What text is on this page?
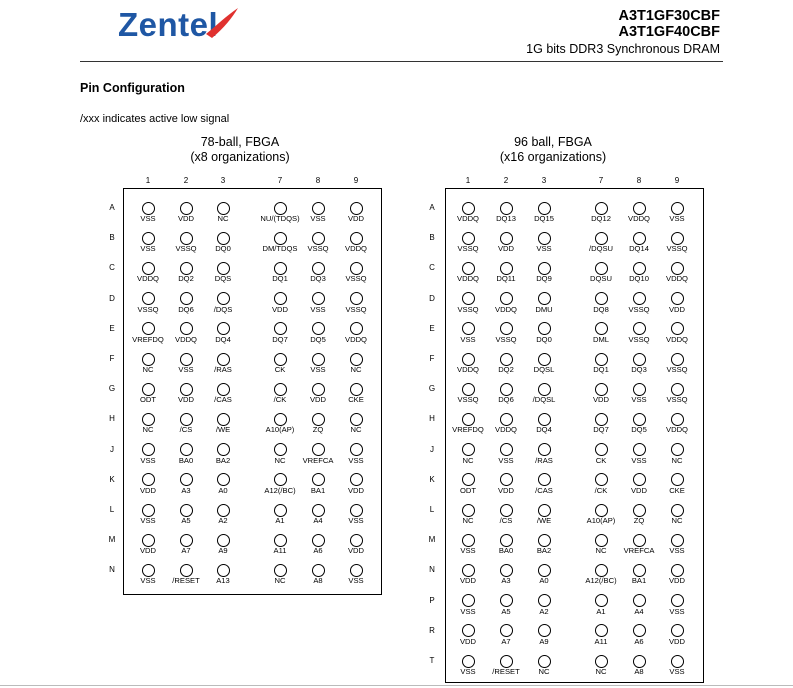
Zentel	A3T1GF30CBF
A3T1GF40CBF
1G bits DDR3 Synchronous DRAM
Pin Configuration
/xxx indicates active low signal
78-ball, FBGA
(x8 organizations)
1	2	3	7	8	9
A
VSS	VDD	NC	NU/(TDQS)	VSS	VDD
B
VSS	VSSQ	DQ0	DM/TDQS	VSSQ	VDDQ
C
VDDQ	DQ2	DQS	DQ1	DQ3	VSSQ
D
VSSQ	DQ6	/DQS	VDD	VSS	VSSQ
E
VREFDQ	VDDQ	DQ4	DQ7	DQ5	VDDQ
F
NC	VSS	/RAS	CK	VSS	NC
G
ODT	VDD	/CAS	/CK	VDD	CKE
H
NC	/CS	/WE	A10(AP)	ZQ	NC
J
VSS	BA0	BA2	NC	VREFCA	VSS
K
VDD	A3	A0	A12(/BC)	BA1	VDD
L
VSS	A5	A2	A1	A4	VSS
M
VDD	A7	A9	A11	A6	VDD
N
VSS	/RESET	A13	NC	A8	VSS
96 ball, FBGA
(x16 organizations)
1	2	3	7	8	9
A
VDDQ	DQ13	DQ15	DQ12	VDDQ	VSS
B
VSSQ	VDD	VSS	/DQSU	DQ14	VSSQ
C
VDDQ	DQ11	DQ9	DQSU	DQ10	VDDQ
D
VSSQ	VDDQ	DMU	DQ8	VSSQ	VDD
E
VSS	VSSQ	DQ0	DML	VSSQ	VDDQ
F
VDDQ	DQ2	DQSL	DQ1	DQ3	VSSQ
G
VSSQ	DQ6	/DQSL	VDD	VSS	VSSQ
H
VREFDQ	VDDQ	DQ4	DQ7	DQ5	VDDQ
J
NC	VSS	/RAS	CK	VSS	NC
K
ODT	VDD	/CAS	/CK	VDD	CKE
L
NC	/CS	/WE	A10(AP)	ZQ	NC
M
VSS	BA0	BA2	NC	VREFCA	VSS
N
VDD	A3	A0	A12(/BC)	BA1	VDD
P
VSS	A5	A2	A1	A4	VSS
R
VDD	A7	A9	A11	A6	VDD
T
VSS	/RESET	NC	NC	A8	VSS
